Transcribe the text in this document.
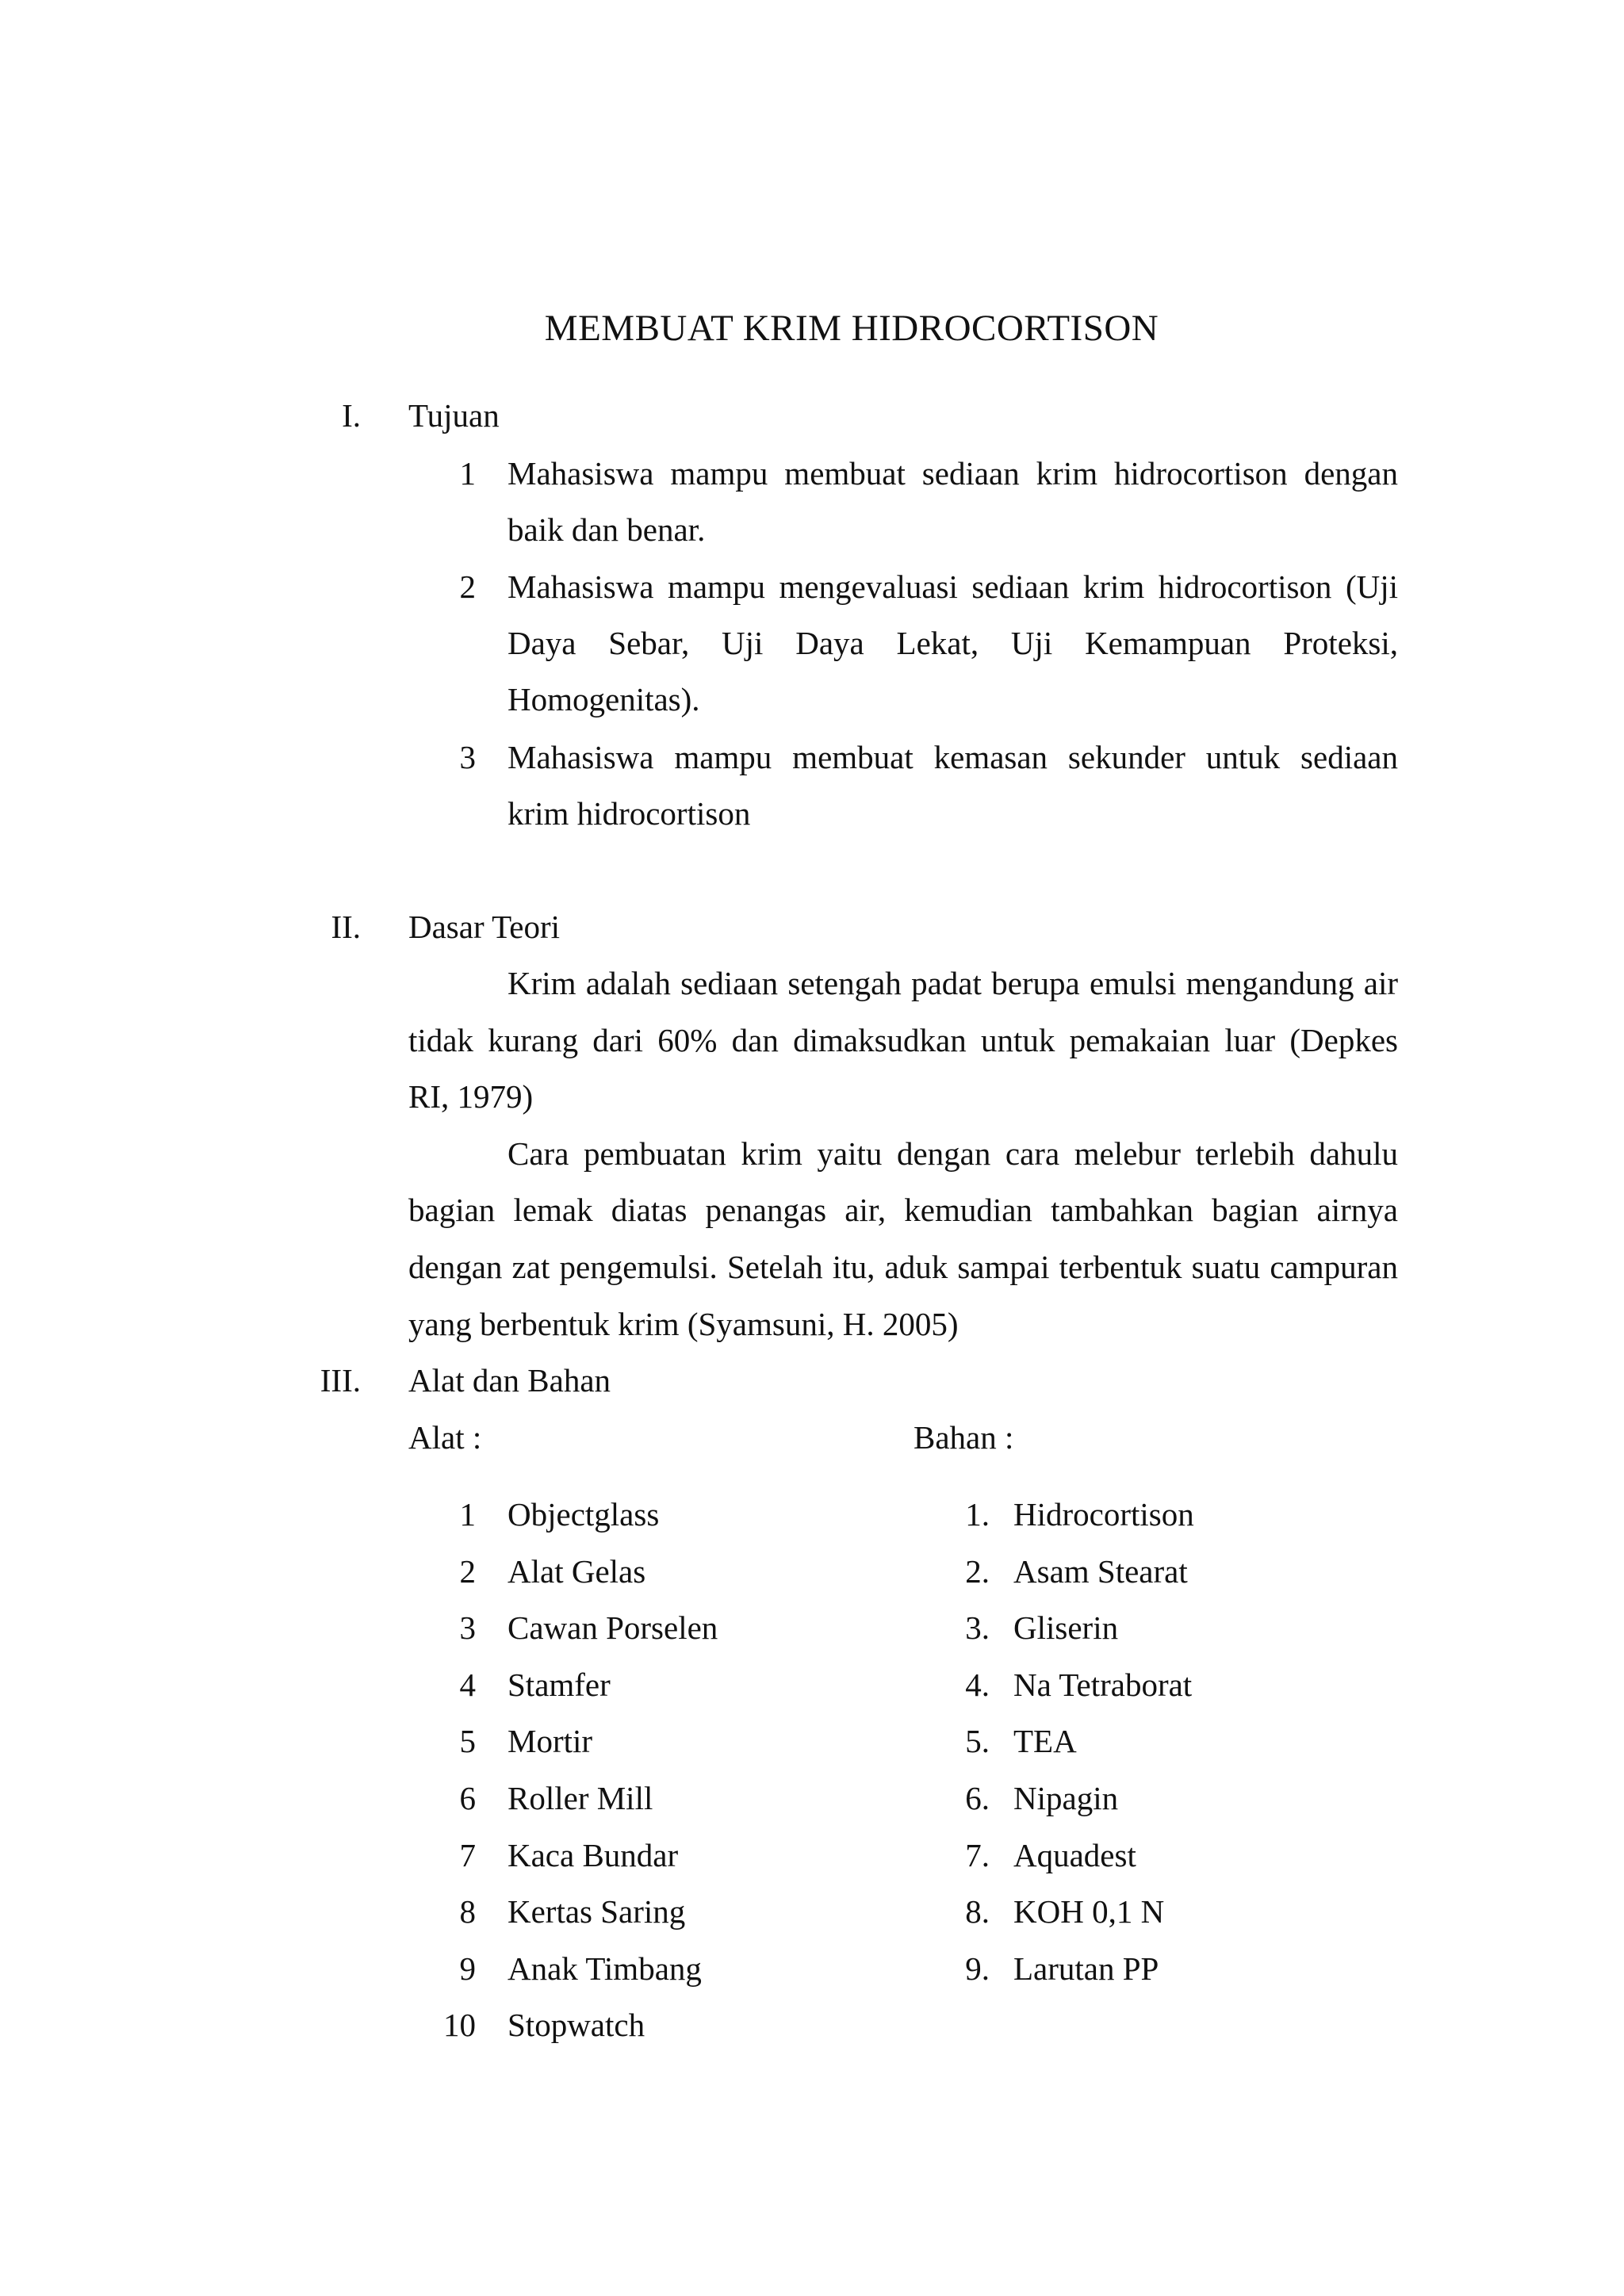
MEMBUAT KRIM HIDROCORTISON
I. Tujuan
1 Mahasiswa mampu membuat sediaan krim hidrocortison dengan
baik dan benar.
2 Mahasiswa mampu mengevaluasi sediaan krim hidrocortison (Uji
Daya Sebar, Uji Daya Lekat, Uji Kemampuan Proteksi,
Homogenitas).
3 Mahasiswa mampu membuat kemasan sekunder untuk sediaan
krim hidrocortison
II. Dasar Teori
Krim adalah sediaan setengah padat berupa emulsi mengandung air
tidak kurang dari 60% dan dimaksudkan untuk pemakaian luar (Depkes
RI, 1979)
Cara pembuatan krim yaitu dengan cara melebur terlebih dahulu
bagian lemak diatas penangas air, kemudian tambahkan bagian airnya
dengan zat pengemulsi. Setelah itu, aduk sampai terbentuk suatu campuran
yang berbentuk krim (Syamsuni, H. 2005)
III. Alat dan Bahan
Alat :	Bahan :
1 Objectglass
2 Alat Gelas
3 Cawan Porselen
4 Stamfer
5 Mortir
6 Roller Mill
7 Kaca Bundar
8 Kertas Saring
9 Anak Timbang
10 Stopwatch
1. Hidrocortison
2. Asam Stearat
3. Gliserin
4. Na Tetraborat
5. TEA
6. Nipagin
7. Aquadest
8. KOH 0,1 N
9. Larutan PP
